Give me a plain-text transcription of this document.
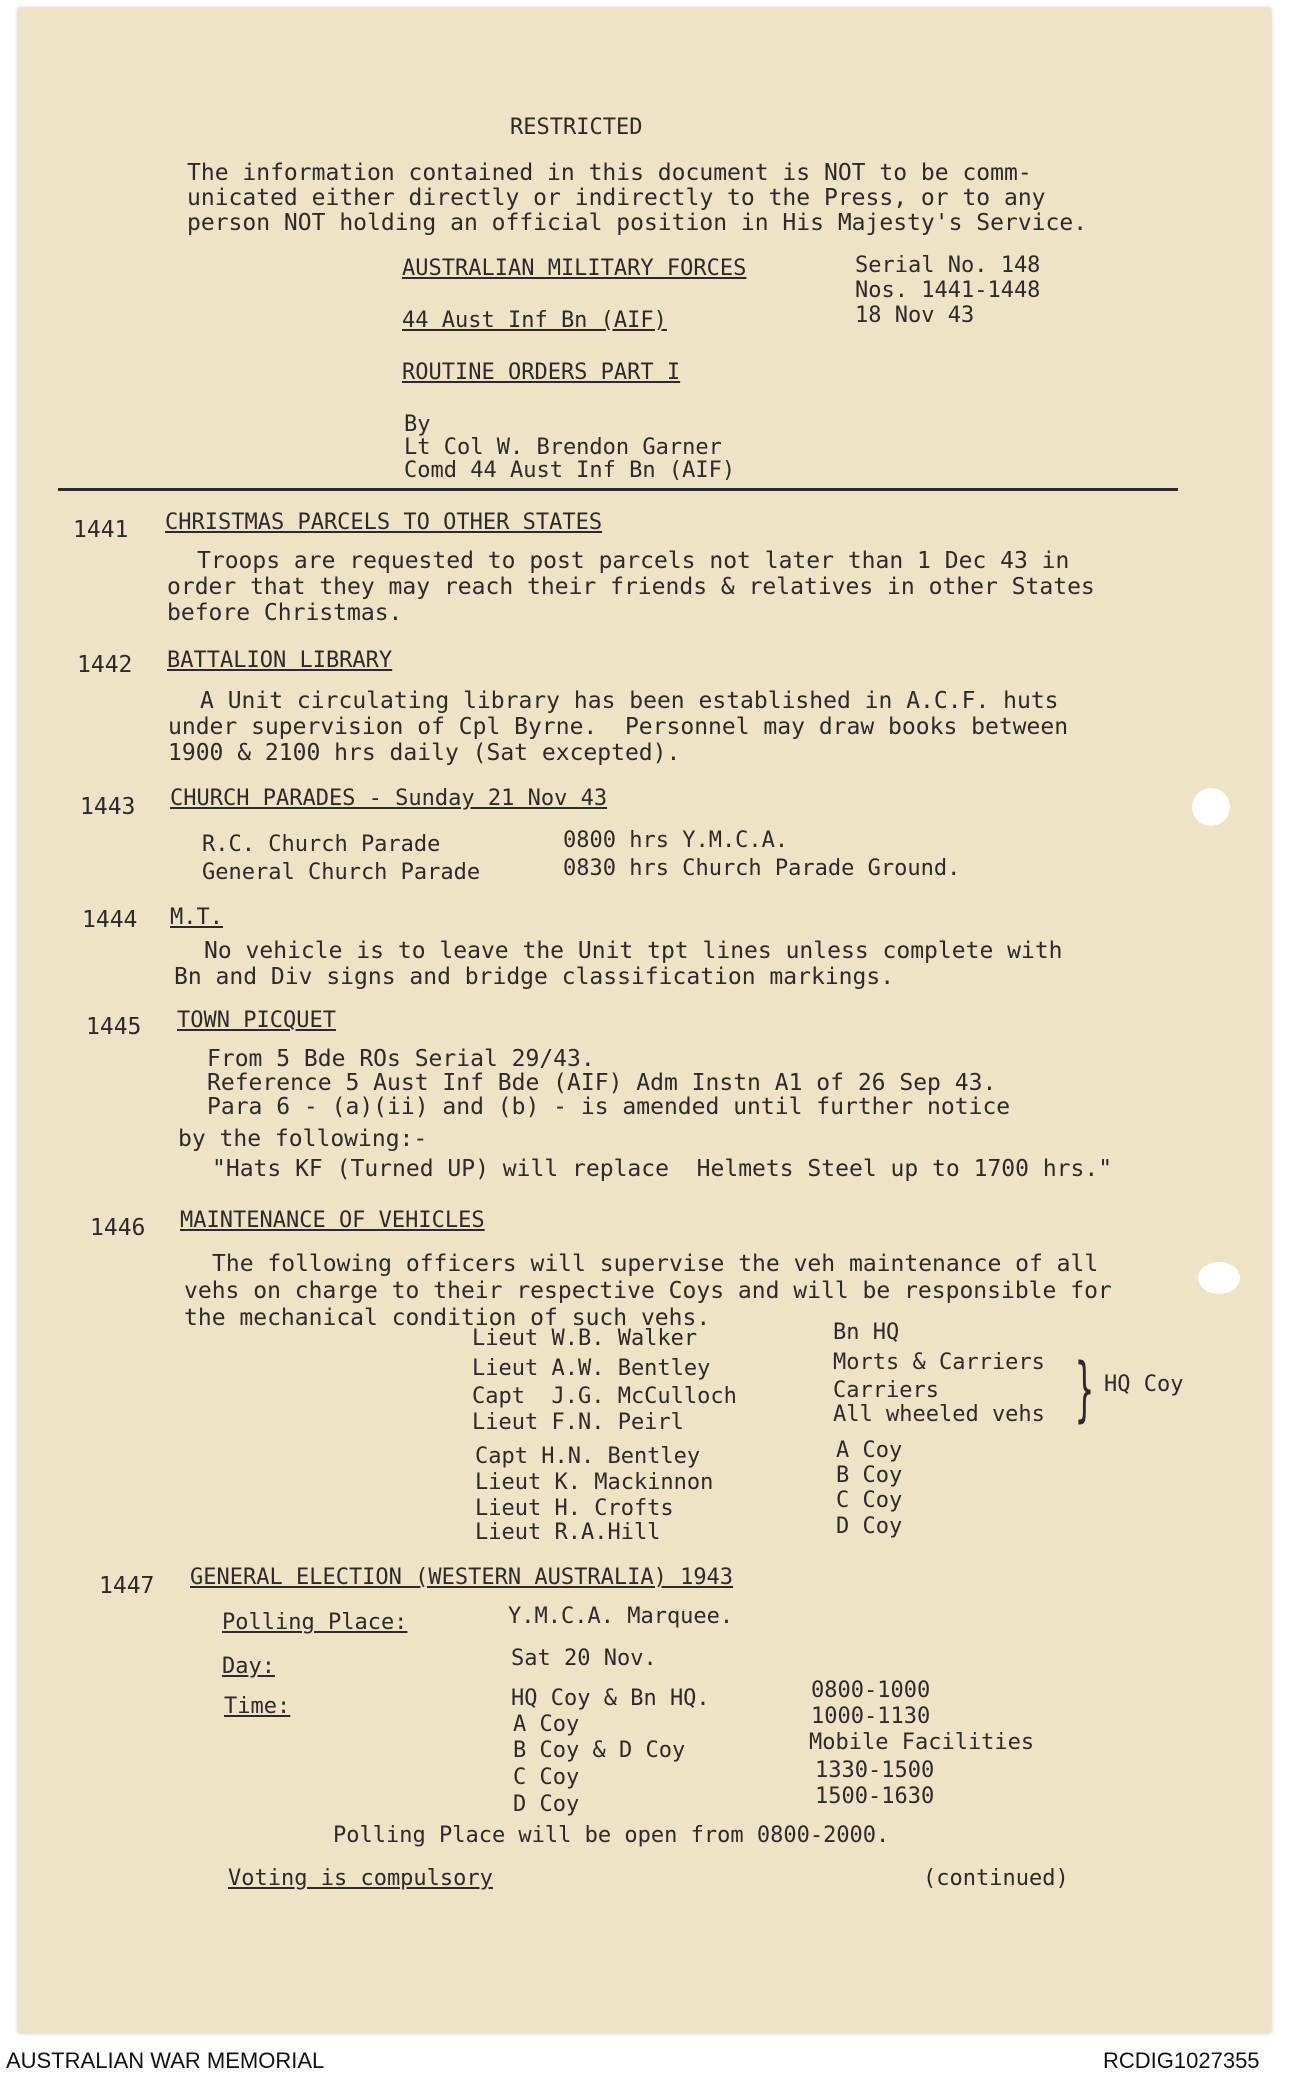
RESTRICTED
The information contained in this document is NOT to be comm-
unicated either directly or indirectly to the Press, or to any
person NOT holding an official position in His Majesty's Service.
AUSTRALIAN MILITARY FORCES
44 Aust Inf Bn (AIF)
ROUTINE ORDERS PART I
By
Lt Col W. Brendon Garner
Comd 44 Aust Inf Bn (AIF)
Serial No. 148
Nos. 1441-1448
18 Nov 43
1441 CHRISTMAS PARCELS TO OTHER STATES
Troops are requested to post parcels not later than 1 Dec 43 in
order that they may reach their friends & relatives in other States
before Christmas.
1442 BATTALION LIBRARY
A Unit circulating library has been established in A.C.F. huts
under supervision of Cpl Byrne.  Personnel may draw books between
1900 & 2100 hrs daily (Sat excepted).
1443 CHURCH PARADES - Sunday 21 Nov 43
R.C. Church Parade	0800 hrs Y.M.C.A.
General Church Parade	0830 hrs Church Parade Ground.
1444 M.T.
No vehicle is to leave the Unit tpt lines unless complete with
Bn and Div signs and bridge classification markings.
1445 TOWN PICQUET
From 5 Bde ROs Serial 29/43.
Reference 5 Aust Inf Bde (AIF) Adm Instn A1 of 26 Sep 43.
Para 6 - (a)(ii) and (b) - is amended until further notice
by the following:-
"Hats KF (Turned UP) will replace  Helmets Steel up to 1700 hrs."
1446 MAINTENANCE OF VEHICLES
The following officers will supervise the veh maintenance of all
vehs on charge to their respective Coys and will be responsible for
the mechanical condition of such vehs.
Lieut W.B. Walker	Bn HQ
Lieut A.W. Bentley	Morts & Carriers
Capt  J.G. McCulloch	Carriers
Lieut F.N. Peirl	All wheeled vehs } HQ Coy
Capt H.N. Bentley	A Coy
Lieut K. Mackinnon	B Coy
Lieut H. Crofts	C Coy
Lieut R.A.Hill	D Coy
1447 GENERAL ELECTION (WESTERN AUSTRALIA) 1943
Polling Place:	Y.M.C.A. Marquee.
Day:	Sat 20 Nov.
Time:	HQ Coy & Bn HQ.	0800-1000
A Coy	1000-1130
B Coy & D Coy	Mobile Facilities
C Coy	1330-1500
D Coy	1500-1630
Polling Place will be open from 0800-2000.
Voting is compulsory	(continued)
AUSTRALIAN WAR MEMORIAL	RCDIG1027355
